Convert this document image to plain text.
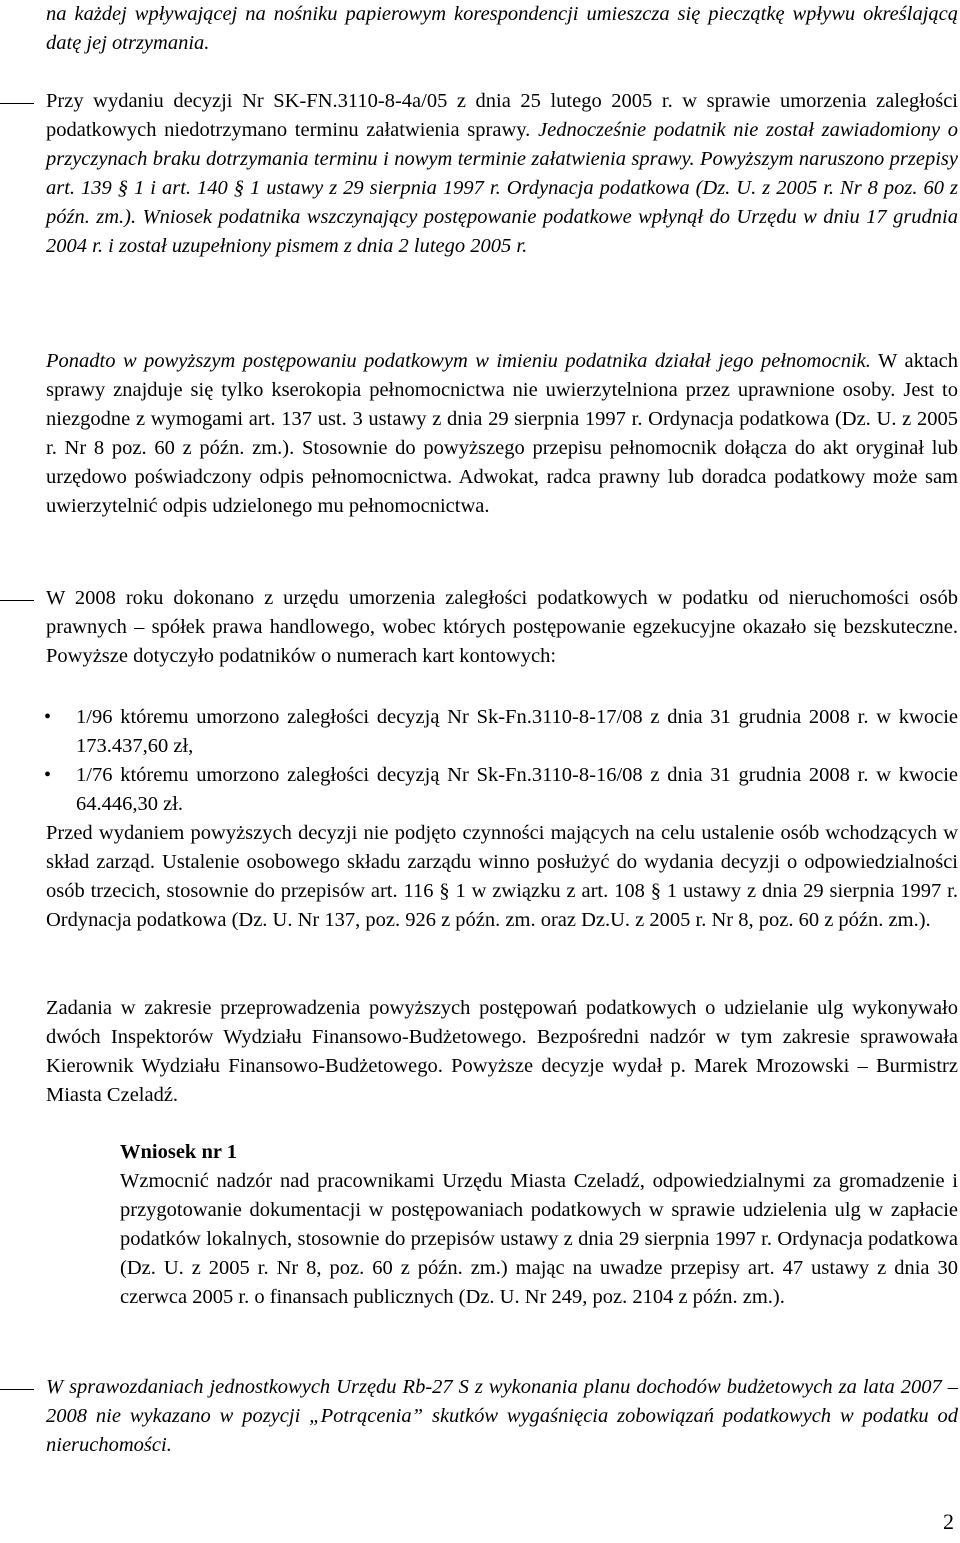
na każdej wpływającej na nośniku papierowym korespondencji umieszcza się pieczątkę wpływu określającą datę jej otrzymania.

Przy wydaniu decyzji Nr SK-FN.3110-8-4a/05 z dnia 25 lutego 2005 r. w sprawie umorzenia zaległości podatkowych niedotrzymano terminu załatwienia sprawy. Jednocześnie podatnik nie został zawiadomiony o przyczynach braku dotrzymania terminu i nowym terminie załatwienia sprawy. Powyższym naruszono przepisy art. 139 § 1 i art. 140 § 1 ustawy z 29 sierpnia 1997 r. Ordynacja podatkowa (Dz. U. z 2005 r. Nr 8 poz. 60 z późn. zm.). Wniosek podatnika wszczynający postępowanie podatkowe wpłynął do Urzędu w dniu 17 grudnia 2004 r. i został uzupełniony pismem z dnia 2 lutego 2005 r.

Ponadto w powyższym postępowaniu podatkowym w imieniu podatnika działał jego pełnomocnik. W aktach sprawy znajduje się tylko kserokopia pełnomocnictwa nie uwierzytelniona przez uprawnione osoby. Jest to niezgodne z wymogami art. 137 ust. 3 ustawy z dnia 29 sierpnia 1997 r. Ordynacja podatkowa (Dz. U. z 2005 r. Nr 8 poz. 60 z późn. zm.). Stosownie do powyższego przepisu pełnomocnik dołącza do akt oryginał lub urzędowo poświadczony odpis pełnomocnictwa. Adwokat, radca prawny lub doradca podatkowy może sam uwierzytelnić odpis udzielonego mu pełnomocnictwa.

W 2008 roku dokonano z urzędu umorzenia zaległości podatkowych w podatku od nieruchomości osób prawnych – spółek prawa handlowego, wobec których postępowanie egzekucyjne okazało się bezskuteczne. Powyższe dotyczyło podatników o numerach kart kontowych:

• 1/96 któremu umorzono zaległości decyzją Nr Sk-Fn.3110-8-17/08 z dnia 31 grudnia 2008 r. w kwocie 173.437,60 zł,

• 1/76 któremu umorzono zaległości decyzją Nr Sk-Fn.3110-8-16/08 z dnia 31 grudnia 2008 r. w kwocie 64.446,30 zł.

Przed wydaniem powyższych decyzji nie podjęto czynności mających na celu ustalenie osób wchodzących w skład zarząd. Ustalenie osobowego składu zarządu winno posłużyć do wydania decyzji o odpowiedzialności osób trzecich, stosownie do przepisów art. 116 § 1 w związku z art. 108 § 1 ustawy z dnia 29 sierpnia 1997 r. Ordynacja podatkowa (Dz. U. Nr 137, poz. 926 z późn. zm. oraz Dz.U. z 2005 r. Nr 8, poz. 60 z późn. zm.).

Zadania w zakresie przeprowadzenia powyższych postępowań podatkowych o udzielanie ulg wykonywało dwóch Inspektorów Wydziału Finansowo-Budżetowego. Bezpośredni nadzór w tym zakresie sprawowała Kierownik Wydziału Finansowo-Budżetowego. Powyższe decyzje wydał p. Marek Mrozowski – Burmistrz Miasta Czeladź.

Wniosek nr 1

Wzmocnić nadzór nad pracownikami Urzędu Miasta Czeladź, odpowiedzialnymi za gromadzenie i przygotowanie dokumentacji w postępowaniach podatkowych w sprawie udzielenia ulg w zapłacie podatków lokalnych, stosownie do przepisów ustawy z dnia 29 sierpnia 1997 r. Ordynacja podatkowa (Dz. U. z 2005 r. Nr 8, poz. 60 z późn. zm.) mając na uwadze przepisy art. 47 ustawy z dnia 30 czerwca 2005 r. o finansach publicznych (Dz. U. Nr 249, poz. 2104 z późn. zm.).

W sprawozdaniach jednostkowych Urzędu Rb-27 S z wykonania planu dochodów budżetowych za lata 2007 – 2008 nie wykazano w pozycji „Potrącenia” skutków wygaśnięcia zobowiązań podatkowych w podatku od nieruchomości.

2
